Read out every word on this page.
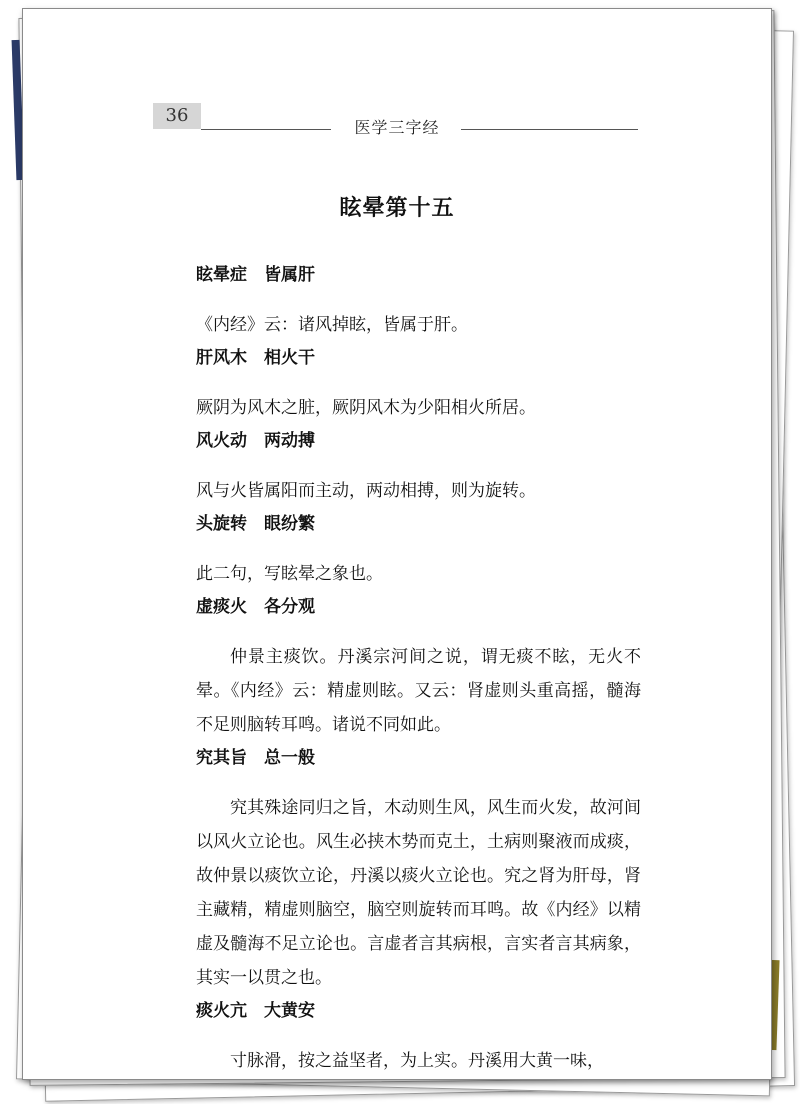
36
医学三字经
眩晕第十五
眩晕症　皆属肝

《内经》云：诸风掉眩，皆属于肝。

肝风木　相火干

厥阴为风木之脏，厥阴风木为少阳相火所居。

风火动　两动搏

风与火皆属阳而主动，两动相搏，则为旋转。

头旋转　眼纷繁

此二句，写眩晕之象也。

虚痰火　各分观

仲景主痰饮。丹溪宗河间之说，谓无痰不眩，无火不晕。《内经》云：精虚则眩。又云：肾虚则头重高摇，髓海不足则脑转耳鸣。诸说不同如此。

究其旨　总一般

究其殊途同归之旨，木动则生风，风生而火发，故河间以风火立论也。风生必挟木势而克土，土病则聚液而成痰，故仲景以痰饮立论，丹溪以痰火立论也。究之肾为肝母，肾主藏精，精虚则脑空，脑空则旋转而耳鸣。故《内经》以精虚及髓海不足立论也。言虚者言其病根，言实者言其病象，其实一以贯之也。

痰火亢　大黄安

寸脉滑，按之益坚者，为上实。丹溪用大黄一味，
